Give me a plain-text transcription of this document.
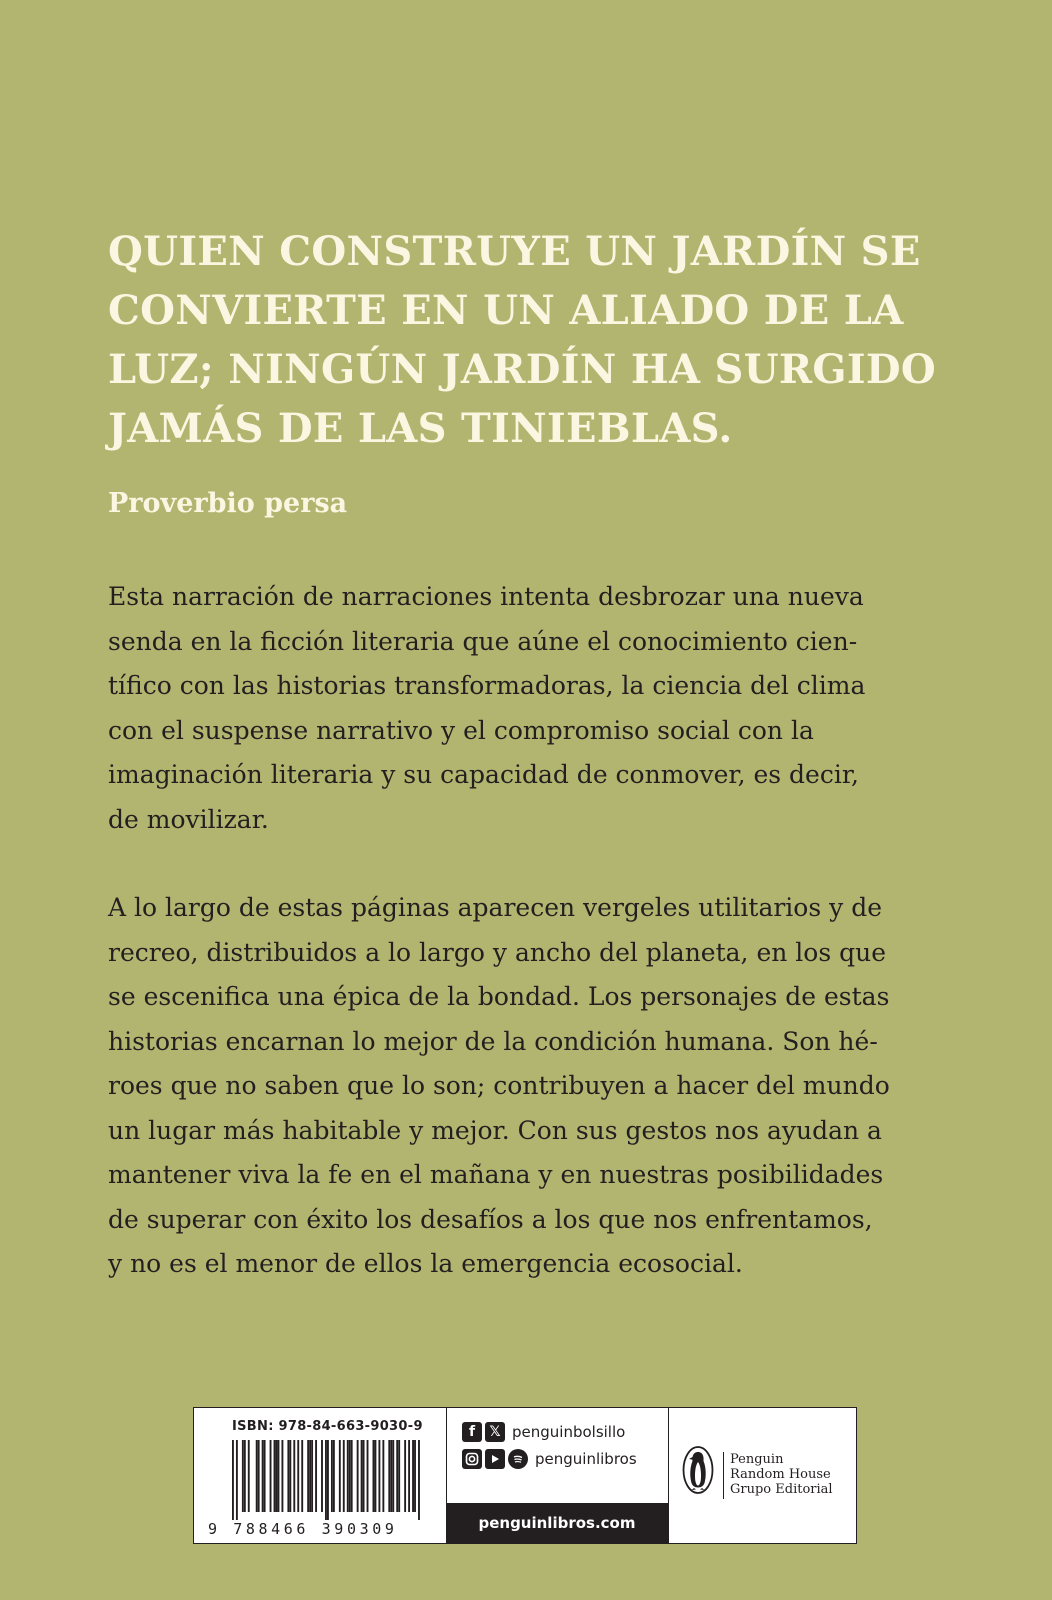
QUIEN CONSTRUYE UN JARDÍN SE
CONVIERTE EN UN ALIADO DE LA
LUZ; NINGÚN JARDÍN HA SURGIDO
JAMÁS DE LAS TINIEBLAS.
Proverbio persa
Esta narración de narraciones intenta desbrozar una nueva
senda en la ficción literaria que aúne el conocimiento cien-
tífico con las historias transformadoras, la ciencia del clima
con el suspense narrativo y el compromiso social con la
imaginación literaria y su capacidad de conmover, es decir,
de movilizar.
A lo largo de estas páginas aparecen vergeles utilitarios y de
recreo, distribuidos a lo largo y ancho del planeta, en los que
se escenifica una épica de la bondad. Los personajes de estas
historias encarnan lo mejor de la condición humana. Son hé-
roes que no saben que lo son; contribuyen a hacer del mundo
un lugar más habitable y mejor. Con sus gestos nos ayudan a
mantener viva la fe en el mañana y en nuestras posibilidades
de superar con éxito los desafíos a los que nos enfrentamos,
y no es el menor de ellos la emergencia ecosocial.
ISBN: 978-84-663-9030-9
9 788466 390309
f	𝕏 penguinbolsillo
penguinlibros
penguinlibros.com
Penguin
Random House
Grupo Editorial
